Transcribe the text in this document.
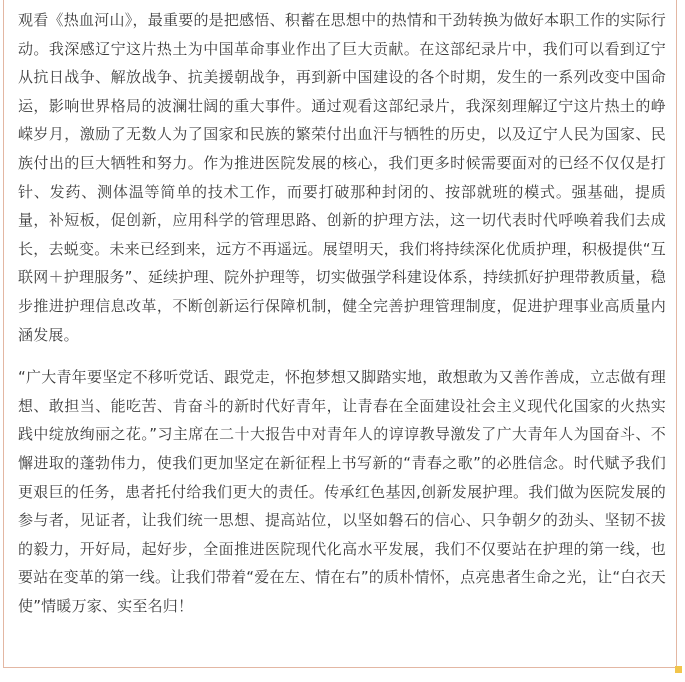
观看《热血河山》，最重要的是把感悟、积蓄在思想中的热情和干劲转换为做好本职工作的实际行动。我深感辽宁这片热土为中国革命事业作出了巨大贡献。在这部纪录片中，我们可以看到辽宁从抗日战争、解放战争、抗美援朝战争，再到新中国建设的各个时期，发生的一系列改变中国命运，影响世界格局的波澜壮阔的重大事件。通过观看这部纪录片，我深刻理解辽宁这片热土的峥嵘岁月，激励了无数人为了国家和民族的繁荣付出血汗与牺牲的历史，以及辽宁人民为国家、民族付出的巨大牺牲和努力。作为推进医院发展的核心，我们更多时候需要面对的已经不仅仅是打针、发药、测体温等简单的技术工作，而要打破那种封闭的、按部就班的模式。强基础，提质量，补短板，促创新，应用科学的管理思路、创新的护理方法，这一切代表时代呼唤着我们去成长，去蜕变。未来已经到来，远方不再遥远。展望明天，我们将持续深化优质护理，积极提供“互联网＋护理服务”、延续护理、院外护理等，切实做强学科建设体系，持续抓好护理带教质量，稳步推进护理信息改革，不断创新运行保障机制，健全完善护理管理制度，促进护理事业高质量内涵发展。

“广大青年要坚定不移听党话、跟党走，怀抱梦想又脚踏实地，敢想敢为又善作善成，立志做有理想、敢担当、能吃苦、肯奋斗的新时代好青年，让青春在全面建设社会主义现代化国家的火热实践中绽放绚丽之花。”习主席在二十大报告中对青年人的谆谆教导激发了广大青年人为国奋斗、不懈进取的蓬勃伟力，使我们更加坚定在新征程上书写新的“青春之歌”的必胜信念。时代赋予我们更艰巨的任务，患者托付给我们更大的责任。传承红色基因,创新发展护理。我们做为医院发展的参与者，见证者，让我们统一思想、提高站位，以坚如磐石的信心、只争朝夕的劲头、坚韧不拔的毅力，开好局，起好步，全面推进医院现代化高水平发展，我们不仅要站在护理的第一线，也要站在变革的第一线。让我们带着“爱在左、情在右”的质朴情怀，点亮患者生命之光，让“白衣天使”情暖万家、实至名归！
